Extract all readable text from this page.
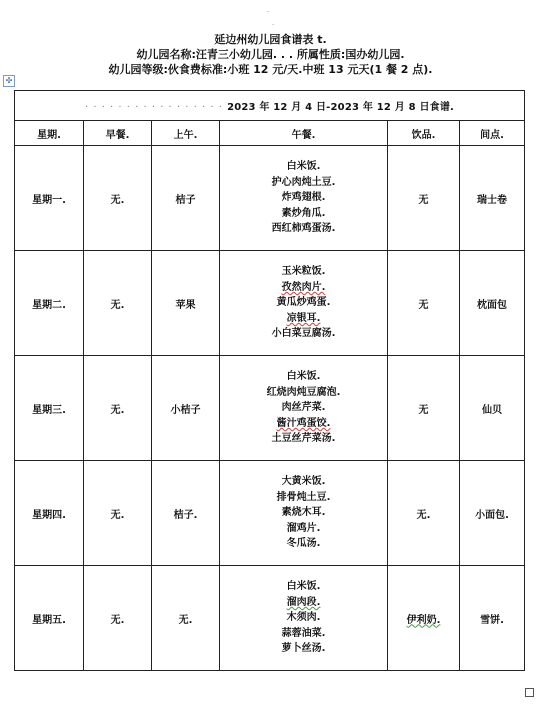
.
.
延边州幼儿园食谱表 t.
幼儿园名称:汪青三小幼儿园. . . 所属性质:国办幼儿园.
幼儿园等级:伙食费标准:小班 12 元/天.中班 13 元天(1 餐 2 点).
✣
· · · · · · · · · · · · · · · · · 2023 年 12 月 4 日-2023 年 12 月 8 日食谱.					
星期.	早餐.	上午.	午餐.	饮品.	间点.
星期一.	无.	桔子	白米饭.
护心肉炖土豆.
炸鸡翅根.
素炒角瓜.
西红柿鸡蛋汤.	无	瑞士卷
星期二.	无.	苹果	玉米粒饭.
孜然肉片.
黄瓜炒鸡蛋.
凉银耳.
小白菜豆腐汤.	无	枕面包
星期三.	无.	小桔子	白米饭.
红烧肉炖豆腐泡.
肉丝芹菜.
酱汁鸡蛋饺.
土豆丝芹菜汤.	无	仙贝
星期四.	无.	桔子.	大黄米饭.
排骨炖土豆.
素烧木耳.
溜鸡片.
冬瓜汤.	无.	小面包.
星期五.	无.	无.	白米饭.
溜肉段.
木须肉.
蒜蓉油菜.
萝卜丝汤.	伊利奶.	雪饼.
